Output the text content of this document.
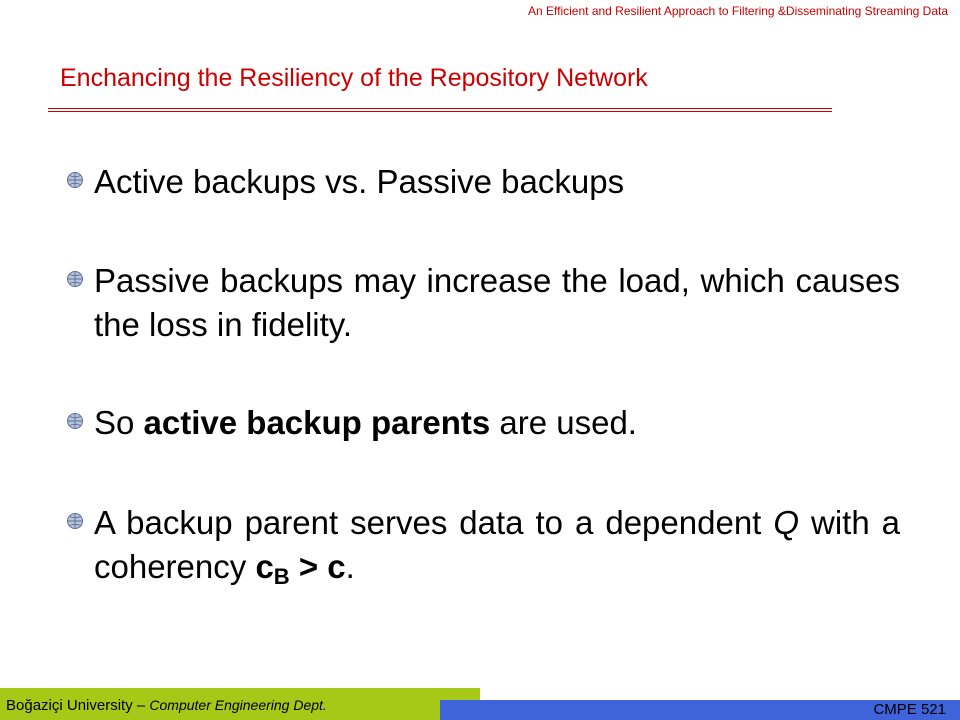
An Efficient and Resilient Approach to Filtering &Disseminating Streaming Data
Enchancing the Resiliency of the Repository Network
Active backups vs. Passive backups
Passive backups may increase the load, which causes the loss in fidelity.
So active backup parents are used.
A backup parent serves data to a dependent Q with a coherency $c_B > c$.
Boğaziçi University – Computer Engineering Dept.	CMPE 521
